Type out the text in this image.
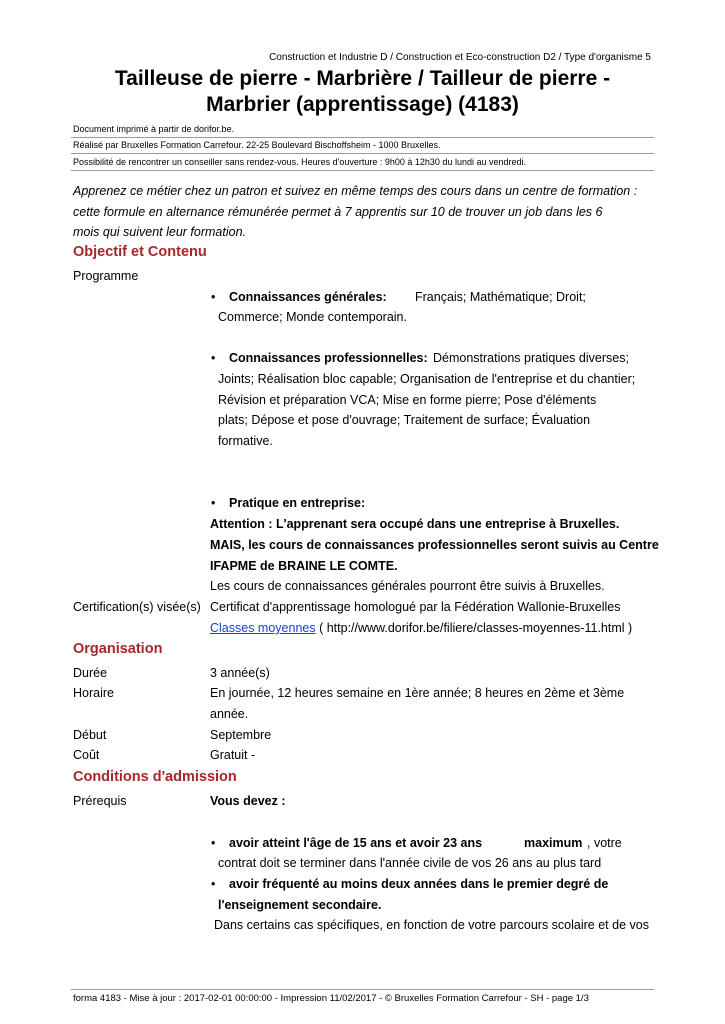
Construction et Industrie D / Construction et Eco-construction D2 / Type d'organisme 5
Tailleuse de pierre - Marbrière / Tailleur de pierre -
Marbrier (apprentissage) (4183)
Document imprimé à partir de dorifor.be.
Réalisé par Bruxelles Formation Carrefour. 22-25 Boulevard Bischoffsheim - 1000 Bruxelles.
Possibilité de rencontrer un conseiller sans rendez-vous. Heures d'ouverture : 9h00 à 12h30 du lundi au vendredi.
Apprenez ce métier chez un patron et suivez en même temps des cours dans un centre de formation :
cette formule en alternance rémunérée permet à 7 apprentis sur 10 de trouver un job dans les 6
mois qui suivent leur formation.
Objectif et Contenu
Programme
• Connaissances générales: Français; Mathématique; Droit;
Commerce; Monde contemporain.
• Connaissances professionnelles: Démonstrations pratiques diverses;
Joints; Réalisation bloc capable; Organisation de l'entreprise et du chantier;
Révision et préparation VCA; Mise en forme pierre; Pose d'éléments
plats; Dépose et pose d'ouvrage; Traitement de surface; Évaluation
formative.
• Pratique en entreprise:
Attention : L'apprenant sera occupé dans une entreprise à Bruxelles.
MAIS, les cours de connaissances professionnelles seront suivis au Centre
IFAPME de BRAINE LE COMTE.
Les cours de connaissances générales pourront être suivis à Bruxelles.
Certification(s) visée(s) Certificat d'apprentissage homologué par la Fédération Wallonie-Bruxelles
Classes moyennes ( http://www.dorifor.be/filiere/classes-moyennes-11.html )
Organisation
Durée	3 année(s)
Horaire	En journée, 12 heures semaine en 1ère année; 8 heures en 2ème et 3ème
année.
Début	Septembre
Coût	Gratuit -
Conditions d'admission
Prérequis	Vous devez :
• avoir atteint l'âge de 15 ans et avoir 23 ans	maximum , votre
contrat doit se terminer dans l'année civile de vos 26 ans au plus tard
• avoir fréquenté au moins deux années dans le premier degré de
l'enseignement secondaire.
Dans certains cas spécifiques, en fonction de votre parcours scolaire et de vos
forma 4183 - Mise à jour : 2017-02-01 00:00:00 - Impression 11/02/2017 - © Bruxelles Formation Carrefour - SH - page 1/3
